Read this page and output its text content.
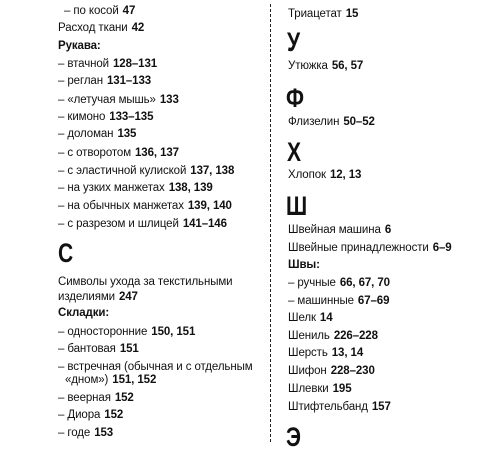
– по косой 47
Расход ткани 42
Рукава:
– втачной 128–131
– реглан 131–133
– «летучая мышь» 133
– кимоно 133–135
– доломан 135
– с отворотом 136, 137
– с эластичной кулиской 137, 138
– на узких манжетах 138, 139
– на обычных манжетах 139, 140
– с разрезом и шлицей 141–146
С
Символы ухода за текстильными
изделиями 247
Складки:
– односторонние 150, 151
– бантовая 151
– встречная (обычная и с отдельным
«дном») 151, 152
– веерная 152
– Диора 152
– годе 153
Триацетат 15
У
Утюжка 56, 57
Ф
Флизелин 50–52
Х
Хлопок 12, 13
Ш
Швейная машина 6
Швейные принадлежности 6–9
Швы:
– ручные 66, 67, 70
– машинные 67–69
Шелк 14
Шениль 226–228
Шерсть 13, 14
Шифон 228–230
Шлевки 195
Штифтельбанд 157
Э
